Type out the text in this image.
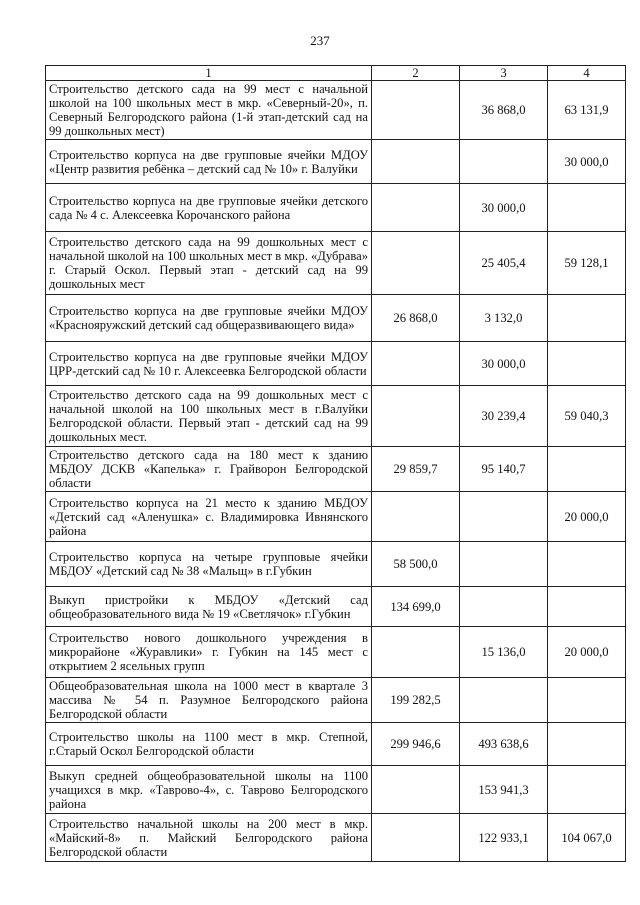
237
1	2	3	4
Строительство детского сада на 99 мест с начальной школой на 100 школьных мест в мкр. «Северный-20», п. Северный Белгородского района (1-й этап-детский сад на 99 дошкольных мест)		36 868,0	63 131,9
Строительство корпуса на две групповые ячейки МДОУ «Центр развития ребёнка – детский сад № 10» г. Валуйки			30 000,0
Строительство корпуса на две групповые ячейки детского сада № 4 с. Алексеевка Корочанского района		30 000,0	
Строительство детского сада на 99 дошкольных мест с начальной школой на 100 школьных мест в мкр. «Дубрава» г. Старый Оскол. Первый этап - детский сад на 99 дошкольных мест		25 405,4	59 128,1
Строительство корпуса на две групповые ячейки МДОУ «Краснояружский детский сад общеразвивающего вида»	26 868,0	3 132,0	
Строительство корпуса на две групповые ячейки МДОУ ЦРР-детский сад № 10 г. Алексеевка Белгородской области		30 000,0	
Строительство детского сада на 99 дошкольных мест с начальной школой на 100 школьных мест в г.Валуйки Белгородской области. Первый этап - детский сад на 99 дошкольных мест.		30 239,4	59 040,3
Строительство детского сада на 180 мест к зданию МБДОУ ДСКВ «Капелька» г. Грайворон Белгородской области	29 859,7	95 140,7	
Строительство корпуса на 21 место к зданию МБДОУ «Детский сад «Аленушка» с. Владимировка Ивнянского района			20 000,0
Строительство корпуса на четыре групповые ячейки МБДОУ «Детский сад № 38 «Мальщ» в г.Губкин	58 500,0		
Выкуп пристройки к МБДОУ «Детский сад общеобразовательного вида № 19 «Светлячок» г.Губкин	134 699,0		
Строительство нового дошкольного учреждения в микрорайоне «Журавлики» г. Губкин на 145 мест с открытием 2 ясельных групп		15 136,0	20 000,0
Общеобразовательная школа на 1000 мест в квартале 3 массива № 54 п. Разумное Белгородского района Белгородской области	199 282,5		
Строительство школы на 1100 мест в мкр. Степной, г.Старый Оскол Белгородской области	299 946,6	493 638,6	
Выкуп средней общеобразовательной школы на 1100 учащихся в мкр. «Таврово-4», с. Таврово Белгородского района		153 941,3	
Строительство начальной школы на 200 мест в мкр. «Майский-8» п. Майский Белгородского района Белгородской области		122 933,1	104 067,0
